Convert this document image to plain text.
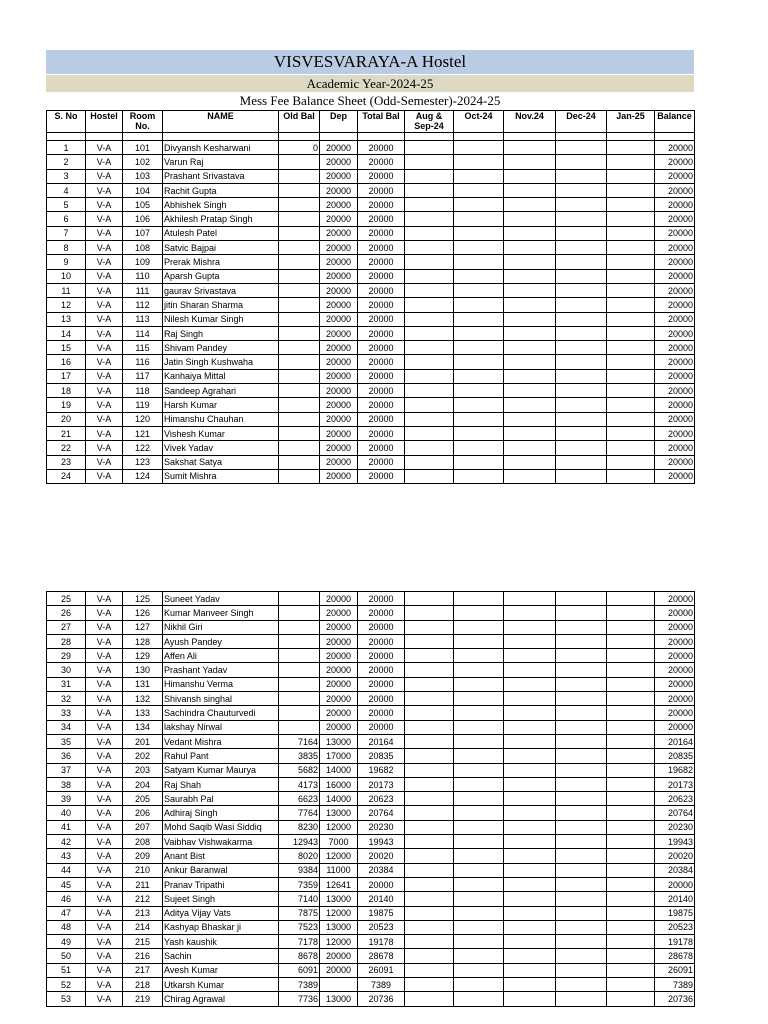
VISVESVARAYA-A Hostel
Academic Year-2024-25
Mess Fee Balance Sheet (Odd-Semester)-2024-25
S. No	Hostel	Room No.	NAME	Old Bal	Dep	Total Bal	Aug & Sep-24	Oct-24	Nov.24	Dec-24	Jan-25	Balance

1	V-A	101	Divyansh Kesharwani	0	20000	20000						20000
2	V-A	102	Varun Raj		20000	20000						20000
3	V-A	103	Prashant Srivastava		20000	20000						20000
4	V-A	104	Rachit Gupta		20000	20000						20000
5	V-A	105	Abhishek Singh		20000	20000						20000
6	V-A	106	Akhilesh Pratap Singh		20000	20000						20000
7	V-A	107	Atulesh Patel		20000	20000						20000
8	V-A	108	Satvic Bajpai		20000	20000						20000
9	V-A	109	Prerak Mishra		20000	20000						20000
10	V-A	110	Aparsh Gupta		20000	20000						20000
11	V-A	111	gaurav Srivastava		20000	20000						20000
12	V-A	112	jitin Sharan Sharma		20000	20000						20000
13	V-A	113	Nilesh Kumar Singh		20000	20000						20000
14	V-A	114	Raj Singh		20000	20000						20000
15	V-A	115	Shivam Pandey		20000	20000						20000
16	V-A	116	Jatin Singh Kushwaha		20000	20000						20000
17	V-A	117	Kanhaiya Mittal		20000	20000						20000
18	V-A	118	Sandeep Agrahari		20000	20000						20000
19	V-A	119	Harsh Kumar		20000	20000						20000
20	V-A	120	Himanshu Chauhan		20000	20000						20000
21	V-A	121	Vishesh Kumar		20000	20000						20000
22	V-A	122	Vivek Yadav		20000	20000						20000
23	V-A	123	Sakshat Satya		20000	20000						20000
24	V-A	124	Sumit Mishra		20000	20000						20000
25	V-A	125	Suneet Yadav		20000	20000						20000
26	V-A	126	Kumar Manveer Singh		20000	20000						20000
27	V-A	127	Nikhil Giri		20000	20000						20000
28	V-A	128	Ayush Pandey		20000	20000						20000
29	V-A	129	Affen Ali		20000	20000						20000
30	V-A	130	Prashant Yadav		20000	20000						20000
31	V-A	131	Himanshu Verma		20000	20000						20000
32	V-A	132	Shivansh singhal		20000	20000						20000
33	V-A	133	Sachindra Chauturvedi		20000	20000						20000
34	V-A	134	lakshay Nirwal		20000	20000						20000
35	V-A	201	Vedant Mishra	7164	13000	20164						20164
36	V-A	202	Rahul Pant	3835	17000	20835						20835
37	V-A	203	Satyam Kumar Maurya	5682	14000	19682						19682
38	V-A	204	Raj Shah	4173	16000	20173						20173
39	V-A	205	Saurabh Pal	6623	14000	20623						20623
40	V-A	206	Adhiraj Singh	7764	13000	20764						20764
41	V-A	207	Mohd Saqib Wasi Siddiq	8230	12000	20230						20230
42	V-A	208	Vaibhav Vishwakarma	12943	7000	19943						19943
43	V-A	209	Anant Bist	8020	12000	20020						20020
44	V-A	210	Ankur Baranwal	9384	11000	20384						20384
45	V-A	211	Pranav Tripathi	7359	12641	20000						20000
46	V-A	212	Sujeet Singh	7140	13000	20140						20140
47	V-A	213	Aditya Vijay Vats	7875	12000	19875						19875
48	V-A	214	Kashyap Bhaskar ji	7523	13000	20523						20523
49	V-A	215	Yash kaushik	7178	12000	19178						19178
50	V-A	216	Sachin	8678	20000	28678						28678
51	V-A	217	Avesh Kumar	6091	20000	26091						26091
52	V-A	218	Utkarsh Kumar	7389		7389						7389
53	V-A	219	Chirag Agrawal	7736	13000	20736						20736
